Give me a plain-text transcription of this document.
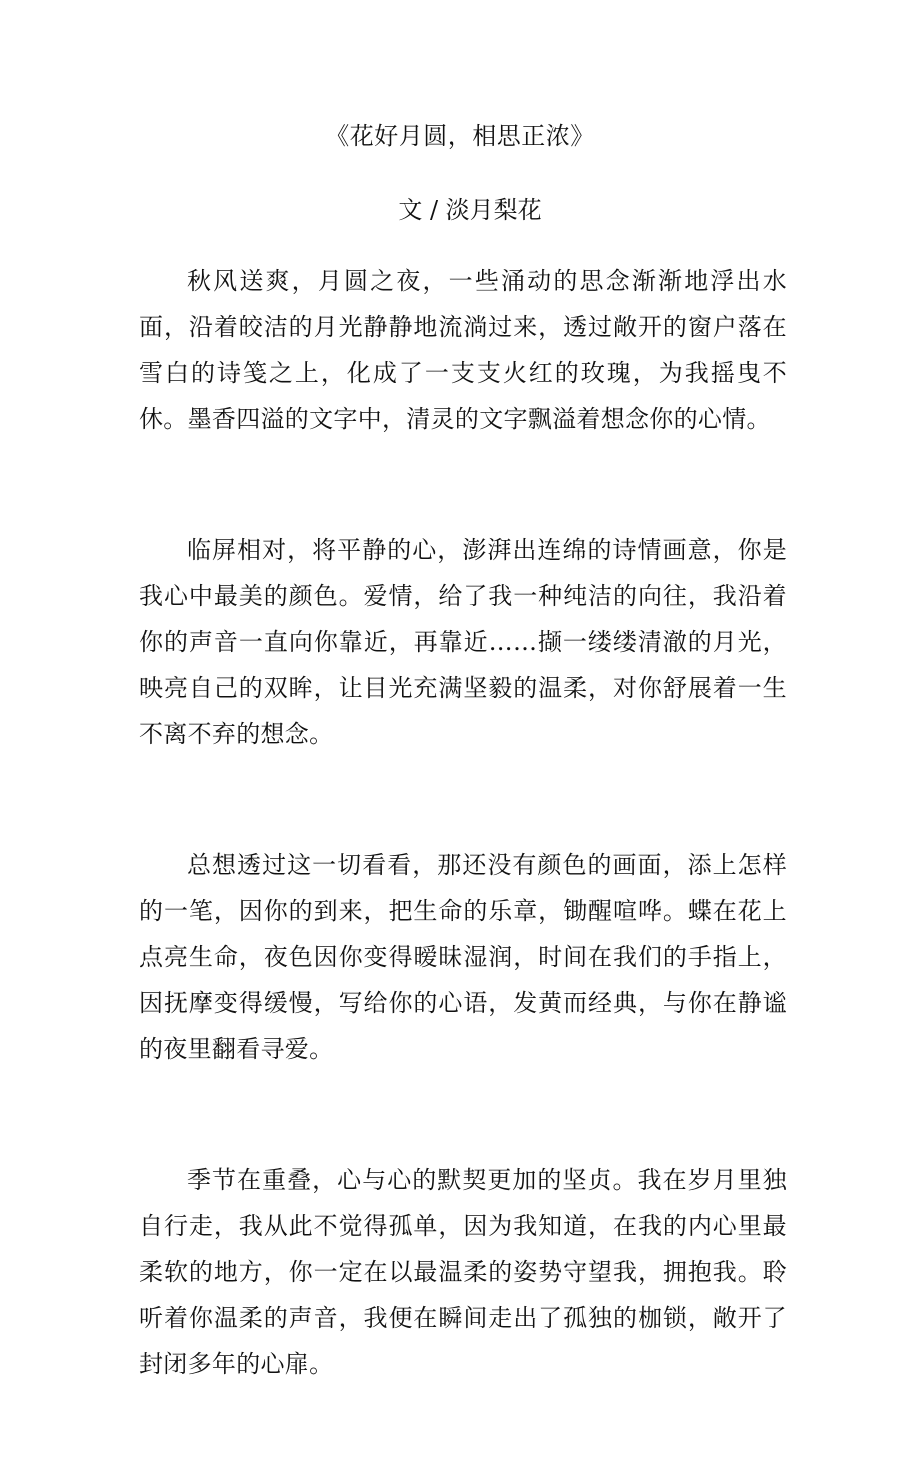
《花好月圆，相思正浓》
文 / 淡月梨花

秋风送爽，月圆之夜，一些涌动的思念渐渐地浮出水面，沿着皎洁的月光静静地流淌过来，透过敞开的窗户落在雪白的诗笺之上，化成了一支支火红的玫瑰，为我摇曳不休。墨香四溢的文字中，清灵的文字飘溢着想念你的心情。

临屏相对，将平静的心，澎湃出连绵的诗情画意，你是我心中最美的颜色。爱情，给了我一种纯洁的向往，我沿着你的声音一直向你靠近，再靠近……撷一缕缕清澈的月光，映亮自己的双眸，让目光充满坚毅的温柔，对你舒展着一生不离不弃的想念。

总想透过这一切看看，那还没有颜色的画面，添上怎样的一笔，因你的到来，把生命的乐章，锄醒喧哗。蝶在花上点亮生命，夜色因你变得暧昧湿润，时间在我们的手指上，因抚摩变得缓慢，写给你的心语，发黄而经典，与你在静谧的夜里翻看寻爱。

季节在重叠，心与心的默契更加的坚贞。我在岁月里独自行走，我从此不觉得孤单，因为我知道，在我的内心里最柔软的地方，你一定在以最温柔的姿势守望我，拥抱我。聆听着你温柔的声音，我便在瞬间走出了孤独的枷锁，敞开了封闭多年的心扉。
